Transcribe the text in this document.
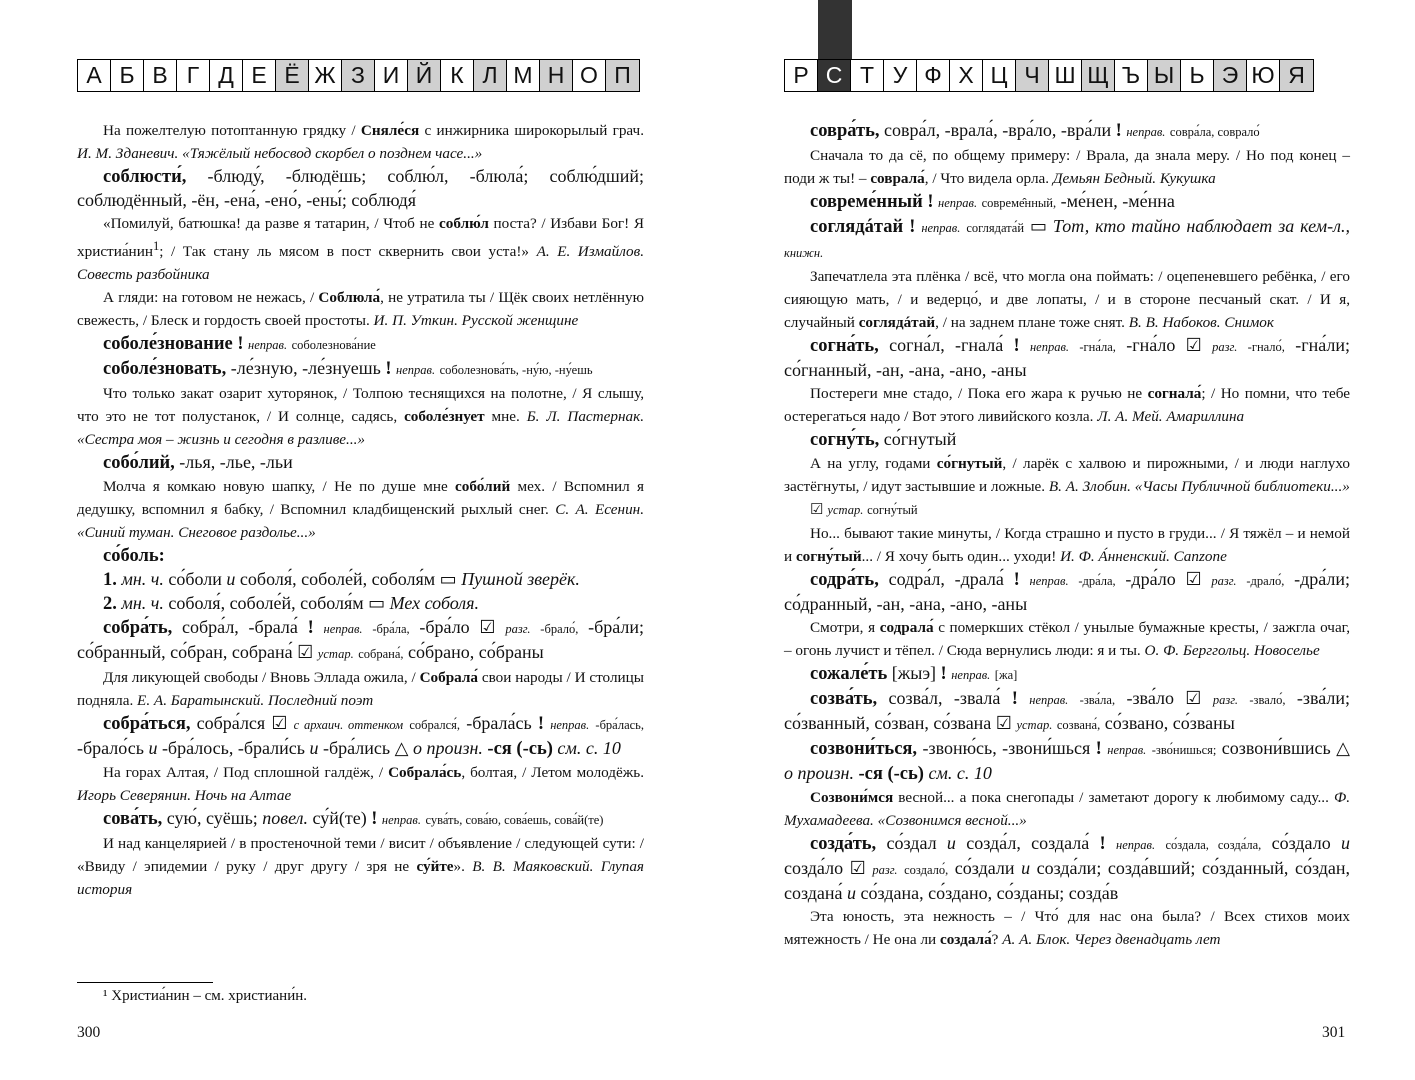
А Б В Г Д Е Ё Ж З И Й К Л М Н О П

На пожелтелую потоптанную грядку / Сняле́ся с инжирника широкорылый грач. И. М. Зданевич. «Тяжёлый небосвод скорбел о позднем часе...»

соблюсти́, -блюду́, -блюдёшь; соблю́л, -блюла́; соблю́дший; соблюдённый, -ён, -ена́, -ено́, -ены́; соблюдя́

«Помилуй, батюшка! да разве я татарин, / Чтоб не соблю́л поста? / Избави Бог! Я христиа́нин$^1$; / Так стану ль мясом в пост сквернить свои уста!» А. Е. Измайлов. Совесть разбойника

А гляди: на готовом не нежась, / Соблюла́, не утратила ты / Щёк своих нетлённую свежесть, / Блеск и гордость своей простоты. И. П. Уткин. Русской женщине

соболе́знование ! неправ. соболезнова́ние

соболе́зновать, -ле́зную, -ле́знуешь ! неправ. соболезнова́ть, -ну́ю, -ну́ешь

Что только закат озарит хуторянок, / Толпою теснящихся на полотне, / Я слышу, что это не тот полустанок, / И солнце, садясь, соболе́знует мне. Б. Л. Пастернак. «Сестра моя – жизнь и сегодня в разливе...»

собо́лий, -лья, -лье, -льи

Молча я комкаю новую шапку, / Не по душе мне собо́лий мех. / Вспомнил я дедушку, вспомнил я бабку, / Вспомнил кладбищенский рыхлый снег. С. А. Есенин. «Синий туман. Снеговое раздолье...»

со́боль:

1. мн. ч. со́боли и соболя́, соболе́й, соболя́м ▭ Пушной зверёк.

2. мн. ч. соболя́, соболе́й, соболя́м ▭ Мех соболя.

собра́ть, собра́л, -брала́ ! неправ. -бра́ла, -бра́ло ☑ разг. -брало́, -бра́ли; со́бранный, со́бран, собрана́ ☑ устар. собрана́, со́брано, со́браны

Для ликующей свободы / Вновь Эллада ожила, / Собрала́ свои народы / И столицы подняла. Е. А. Баратынский. Последний поэт

собра́ться, собра́лся ☑ с архаич. оттенком собрался́, -брала́сь ! неправ. -бра́лась, -брало́сь и -бра́лось, -брали́сь и -бра́лись △ о произн. -ся (-сь) см. с. 10

На горах Алтая, / Под сплошной галдёж, / Собрала́сь, болтая, / Летом молодёжь. Игорь Северянин. Ночь на Алтае

сова́ть, сую́, суёшь; повел. су́й(те) ! неправ. сува́ть, сова́ю, сова́ешь, сова́й(те)

И над канцелярией / в простеночной теми / висит / объявление / следующей сути: / «Ввиду / эпидемии / руку / друг другу / зря не су́йте». В. В. Маяковский. Глупая история

¹ Христиа́нин – см. христиани́н.
300
Р С Т У Ф Х Ц Ч Ш Щ Ъ Ы Ь Э Ю Я

совра́ть, совра́л, -врала́, -вра́ло, -вра́ли ! неправ. совра́ла, соврало́

Сначала то да сё, по общему примеру: / Врала, да знала меру. / Но под конец – поди ж ты! – соврала́, / Что видела орла. Демьян Бедный. Кукушка

совреме́нный ! неправ. совреме̂нный, -ме́нен, -ме́нна

соглядáтай ! неправ. соглядата́й ▭ Тот, кто тайно наблюдает за кем-л., книжн.

Запечатлела эта плёнка / всё, что могла она поймать: / оцепеневшего ребёнка, / его сияющую мать, / и ведерцо́, и две лопаты, / и в стороне песчаный скат. / И я, случайный соглядáтай, / на заднем плане тоже снят. В. В. Набоков. Снимок

согна́ть, согна́л, -гнала́ ! неправ. -гна́ла, -гна́ло ☑ разг. -гнало́, -гна́ли; со́гнанный, -ан, -ана, -ано, -аны

Постереги мне стадо, / Пока его жара к ручью не согнала́; / Но помни, что тебе остерегаться надо / Вот этого ливийского козла. Л. А. Мей. Амариллина

согну́ть, со́гнутый

А на углу, годами со́гнутый, / ларёк с халвою и пирожными, / и люди наглухо застёгнуты, / идут застывшие и ложные. В. А. Злобин. «Часы Публичной библиотеки...»

☑ устар. согну́тый

Но... бывают такие минуты, / Когда страшно и пусто в груди... / Я тяжёл – и немой и согну́тый... / Я хочу быть один... уходи! И. Ф. А́нненский. Canzone

содра́ть, содра́л, -драла́ ! неправ. -дра́ла, -дра́ло ☑ разг. -драло́, -дра́ли; со́дранный, -ан, -ана, -ано, -аны

Смотри, я содрала́ с померкших стёкол / унылые бумажные кресты, / зажгла очаг, – огонь лучист и тёпел. / Сюда вернулись люди: я и ты. О. Ф. Берггольц. Новоселье

сожале́ть [жыэ] ! неправ. [жа]

созва́ть, созва́л, -звала́ ! неправ. -зва́ла, -зва́ло ☑ разг. -звало́, -зва́ли; со́званный, со́зван, со́звана ☑ устар. созвана́, со́звано, со́званы

созвони́ться, -звоню́сь, -звони́шься ! неправ. -зво́нишься; созвони́вшись △ о произн. -ся (-сь) см. с. 10

Созвони́мся весной... а пока снегопады / заметают дорогу к любимому саду... Ф. Мухамадеева. «Созвонимся весной...»

созда́ть, со́здал и созда́л, создала́ ! неправ. со́здала, созда́ла, со́здало и созда́ло ☑ разг. создало́, со́здали и созда́ли; созда́вший; со́зданный, со́здан, создана́ и со́здана, со́здано, со́зданы; созда́в

Эта юность, эта нежность – / Что́ для нас она была? / Всех стихов моих мятежность / Не она ли создала́? А. А. Блок. Через двенадцать лет

301
